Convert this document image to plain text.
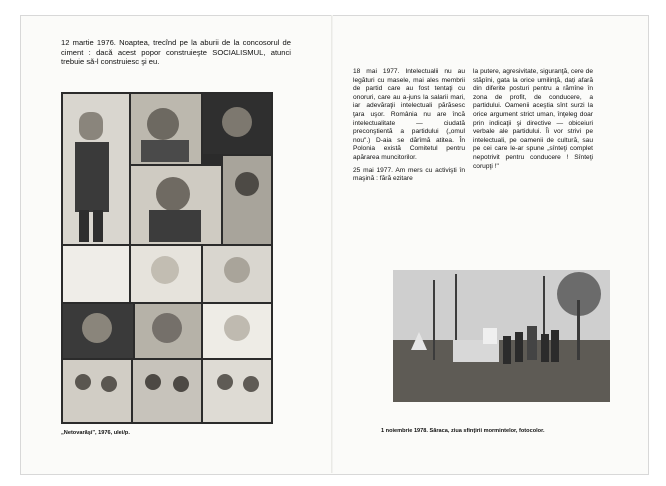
12 martie 1976. Noaptea, trecînd pe la aburii de la concosorul de ciment : dacă acest popor construieşte SOCIALISMUL, atunci trebuie să-l construiesc şi eu.
„Netovarăşi", 1976, ulei/p.

18 mai 1977. Intelectualii nu au legături cu masele, mai ales membrii de partid care au fost tentaţi cu onoruri, care au a-juns la salarii mari, iar adevăraţii intelectuali părăsesc ţara uşor. România nu are încă intelectualitate — ciudată preconştientă a partidului („omul nou".) D-aia se dărîmă atitea. În Polonia există Comitetul pentru apărarea muncitorilor.

25 mai 1977. Am mers cu activişti în maşină : fără ezitare

la putere, agresivitate, siguranţă, cere de stăpîni, gata la orice umilinţă, dați afară din diferite posturi pentru a rămîne în zona de profit, de conducere, a partidului. Oamenii aceştia sînt surzi la orice argument strict uman, înţeleg doar prin indicaţii şi directive — obiceiuri verbale ale partidului. Îi vor strivi pe intelectuali, pe oamenii de cultură, sau pe cei care le-ar spune „sînteţi complet nepotrivit pentru conducere ! Sînteţi corupţi !"

1 noiembrie 1978. Săraca, ziua sfinţirii mormintelor, fotocolor.
